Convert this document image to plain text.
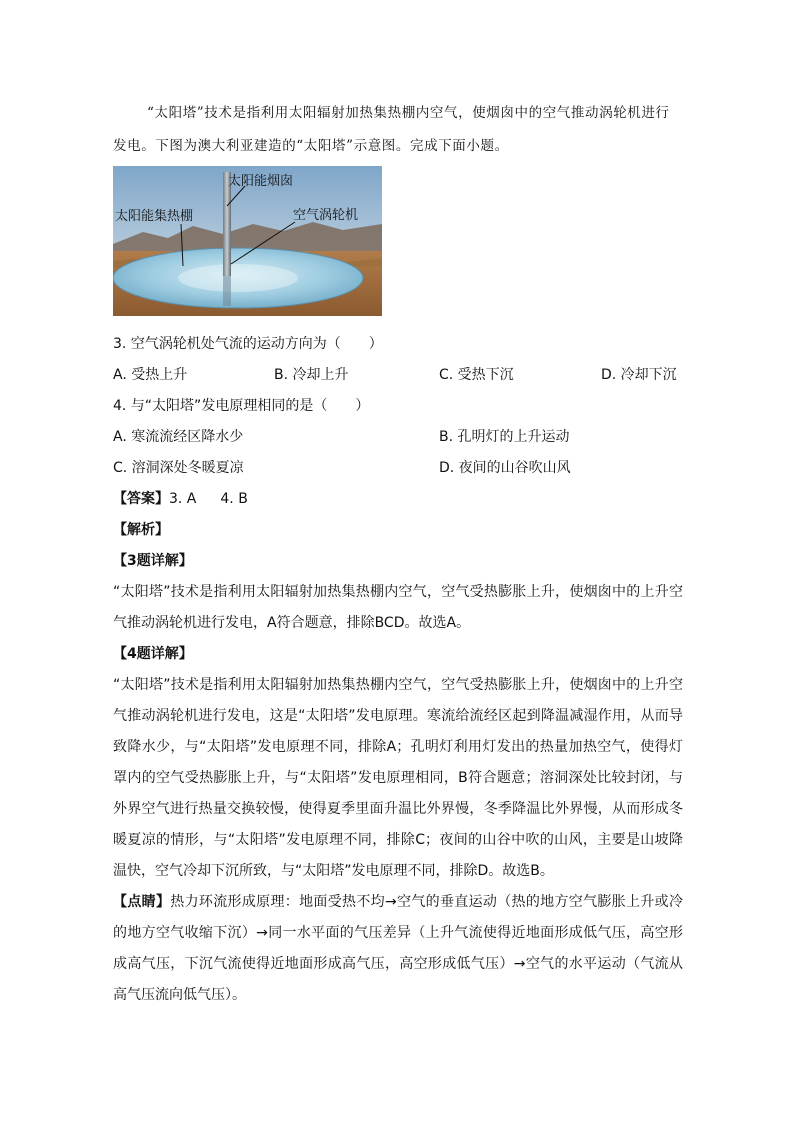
“太阳塔”技术是指利用太阳辐射加热集热棚内空气，使烟囱中的空气推动涡轮机进行

发电。下图为澳大利亚建造的“太阳塔”示意图。完成下面小题。

太阳能烟囱
太阳能集热棚	空气涡轮机
3. 空气涡轮机处气流的运动方向为（　　）
A. 受热上升	B. 冷却上升	C. 受热下沉	D. 冷却下沉
4. 与“太阳塔”发电原理相同的是（　　）
A. 寒流流经区降水少	B. 孔明灯的上升运动
C. 溶洞深处冬暖夏凉	D. 夜间的山谷吹山风
【答案】3. A 4. B
【解析】
【3题详解】

“太阳塔”技术是指利用太阳辐射加热集热棚内空气，空气受热膨胀上升，使烟囱中的上升空气推动涡轮机进行发电，A符合题意，排除BCD。故选A。

【4题详解】

“太阳塔”技术是指利用太阳辐射加热集热棚内空气，空气受热膨胀上升，使烟囱中的上升空气推动涡轮机进行发电，这是“太阳塔”发电原理。寒流给流经区起到降温减湿作用，从而导致降水少，与“太阳塔”发电原理不同，排除A；孔明灯利用灯发出的热量加热空气，使得灯罩内的空气受热膨胀上升，与“太阳塔”发电原理相同，B符合题意；溶洞深处比较封闭，与外界空气进行热量交换较慢，使得夏季里面升温比外界慢，冬季降温比外界慢，从而形成冬暖夏凉的情形，与“太阳塔”发电原理不同，排除C；夜间的山谷中吹的山风，主要是山坡降温快，空气冷却下沉所致，与“太阳塔”发电原理不同，排除D。故选B。

【点睛】热力环流形成原理：地面受热不均→空气的垂直运动（热的地方空气膨胀上升或冷的地方空气收缩下沉）→同一水平面的气压差异（上升气流使得近地面形成低气压，高空形成高气压，下沉气流使得近地面形成高气压，高空形成低气压）→空气的水平运动（气流从高气压流向低气压）。
